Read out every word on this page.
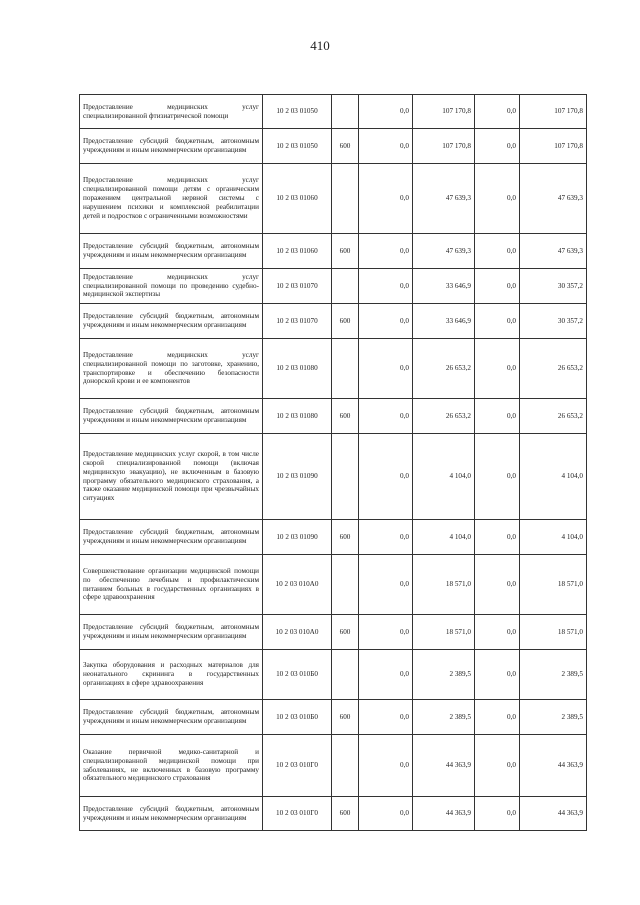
410
Предоставление медицинских услуг специализированной фтизиатрической помощи	10 2 03 01050		0,0	107 170,8	0,0	107 170,8
Предоставление субсидий бюджетным, автономным учреждениям и иным некоммерческим организациям	10 2 03 01050	600	0,0	107 170,8	0,0	107 170,8
Предоставление медицинских услуг специализированной помощи детям с органическим поражением центральной нервной системы с нарушением психики и комплексной реабилитации детей и подростков с ограниченными возможностями	10 2 03 01060		0,0	47 639,3	0,0	47 639,3
Предоставление субсидий бюджетным, автономным учреждениям и иным некоммерческим организациям	10 2 03 01060	600	0,0	47 639,3	0,0	47 639,3
Предоставление медицинских услуг специализированной помощи по проведению судебно-медицинской экспертизы	10 2 03 01070		0,0	33 646,9	0,0	30 357,2
Предоставление субсидий бюджетным, автономным учреждениям и иным некоммерческим организациям	10 2 03 01070	600	0,0	33 646,9	0,0	30 357,2
Предоставление медицинских услуг специализированной помощи по заготовке, хранению, транспортировке и обеспечению безопасности донорской крови и ее компонентов	10 2 03 01080		0,0	26 653,2	0,0	26 653,2
Предоставление субсидий бюджетным, автономным учреждениям и иным некоммерческим организациям	10 2 03 01080	600	0,0	26 653,2	0,0	26 653,2
Предоставление медицинских услуг скорой, в том числе скорой специализированной помощи (включая медицинскую эвакуацию), не включенным в базовую программу обязательного медицинского страхования, а также оказание медицинской помощи при чрезвычайных ситуациях	10 2 03 01090		0,0	4 104,0	0,0	4 104,0
Предоставление субсидий бюджетным, автономным учреждениям и иным некоммерческим организациям	10 2 03 01090	600	0,0	4 104,0	0,0	4 104,0
Совершенствование организации медицинской помощи по обеспечению лечебным и профилактическим питанием больных в государственных организациях в сфере здравоохранения	10 2 03 010А0		0,0	18 571,0	0,0	18 571,0
Предоставление субсидий бюджетным, автономным учреждениям и иным некоммерческим организациям	10 2 03 010А0	600	0,0	18 571,0	0,0	18 571,0
Закупка оборудования и расходных материалов для неонатального скрининга в государственных организациях в сфере здравоохранения	10 2 03 010Б0		0,0	2 389,5	0,0	2 389,5
Предоставление субсидий бюджетным, автономным учреждениям и иным некоммерческим организациям	10 2 03 010Б0	600	0,0	2 389,5	0,0	2 389,5
Оказание первичной медико-санитарной и специализированной медицинской помощи при заболеваниях, не включенных в базовую программу обязательного медицинского страхования	10 2 03 010Г0		0,0	44 363,9	0,0	44 363,9
Предоставление субсидий бюджетным, автономным учреждениям и иным некоммерческим организациям	10 2 03 010Г0	600	0,0	44 363,9	0,0	44 363,9
